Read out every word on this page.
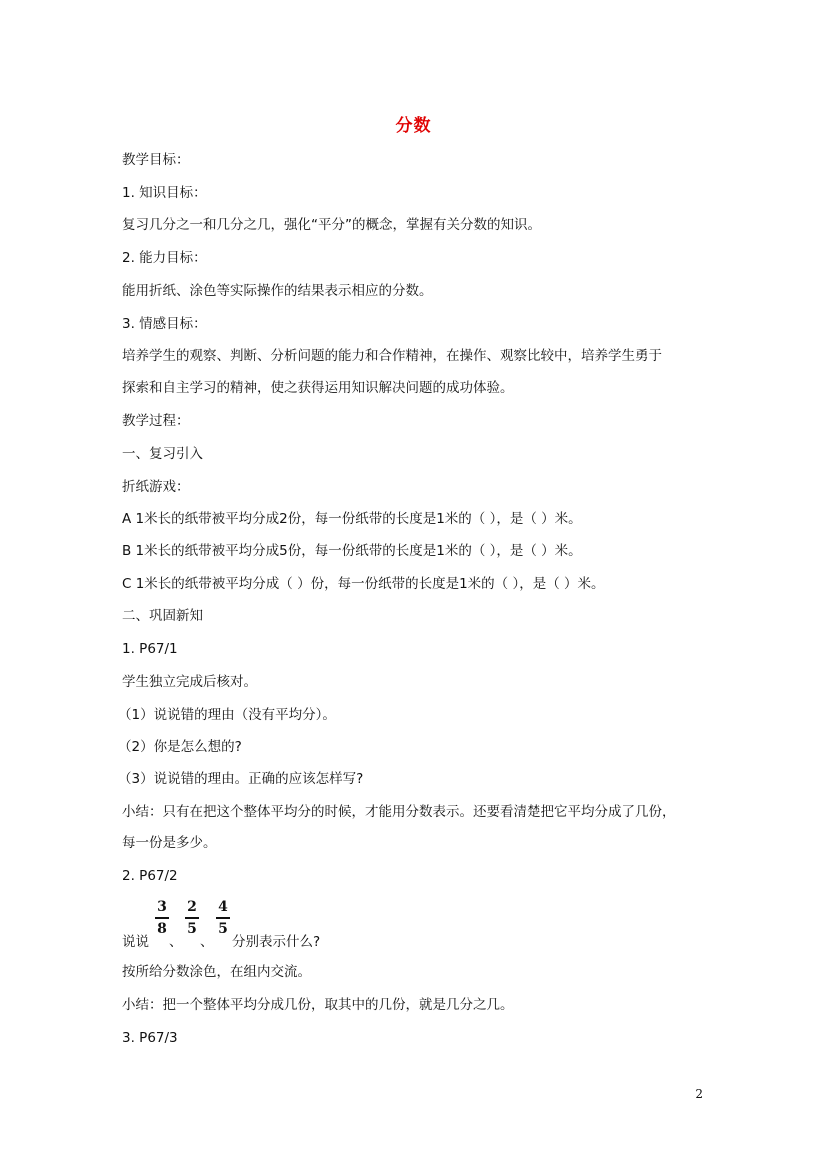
分数
教学目标：
1. 知识目标：
复习几分之一和几分之几，强化“平分”的概念，掌握有关分数的知识。
2. 能力目标：
能用折纸、涂色等实际操作的结果表示相应的分数。
3. 情感目标：
培养学生的观察、判断、分析问题的能力和合作精神，在操作、观察比较中，培养学生勇于
探索和自主学习的精神，使之获得运用知识解决问题的成功体验。
教学过程：
一、复习引入
折纸游戏：
A 1米长的纸带被平均分成2份，每一份纸带的长度是1米的（ ），是（ ）米。
B 1米长的纸带被平均分成5份，每一份纸带的长度是1米的（ ），是（ ）米。
C 1米长的纸带被平均分成（ ）份，每一份纸带的长度是1米的（ ），是（ ）米。
二、巩固新知
1. P67/1
学生独立完成后核对。
（1）说说错的理由（没有平均分）。
（2）你是怎么想的?
（3）说说错的理由。正确的应该怎样写?
小结：只有在把这个整体平均分的时候，才能用分数表示。还要看清楚把它平均分成了几份，
每一份是多少。
2. P67/2
说说
3
8
、
2
5
、
4
5
分别表示什么?
按所给分数涂色，在组内交流。
小结：把一个整体平均分成几份，取其中的几份，就是几分之几。
3. P67/3
2
